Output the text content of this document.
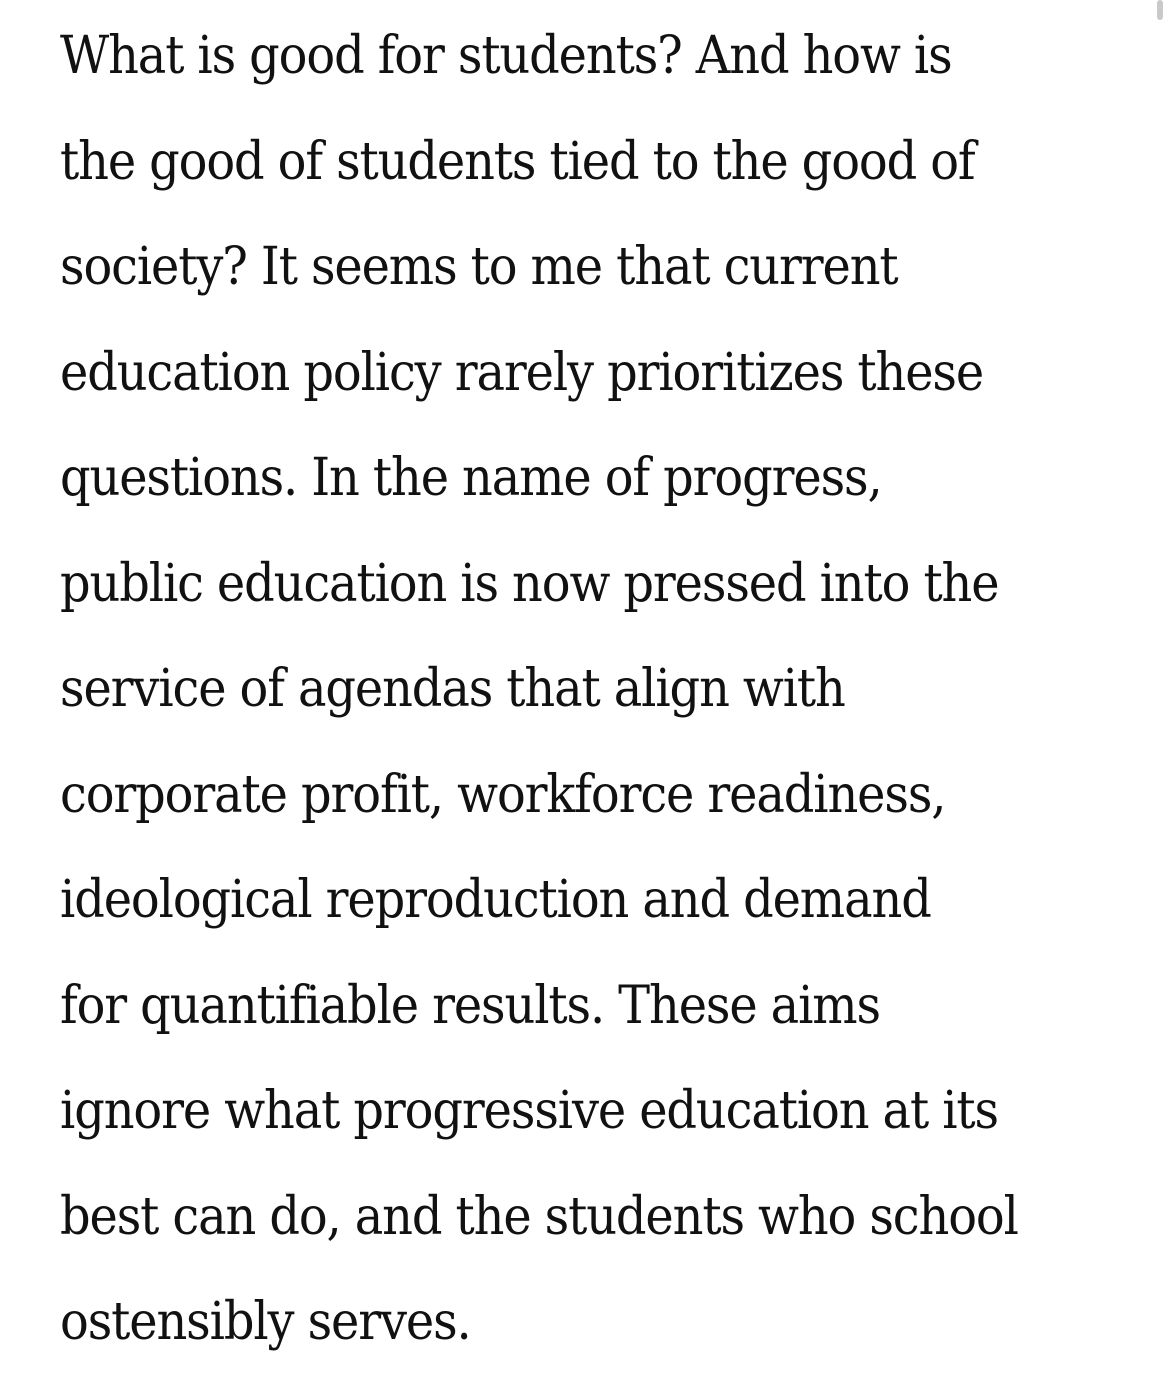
What is good for students? And how is
the good of students tied to the good of
society? It seems to me that current
education policy rarely prioritizes these
questions. In the name of progress,
public education is now pressed into the
service of agendas that align with
corporate profit, workforce readiness,
ideological reproduction and demand
for quantifiable results. These aims
ignore what progressive education at its
best can do, and the students who school
ostensibly serves.
